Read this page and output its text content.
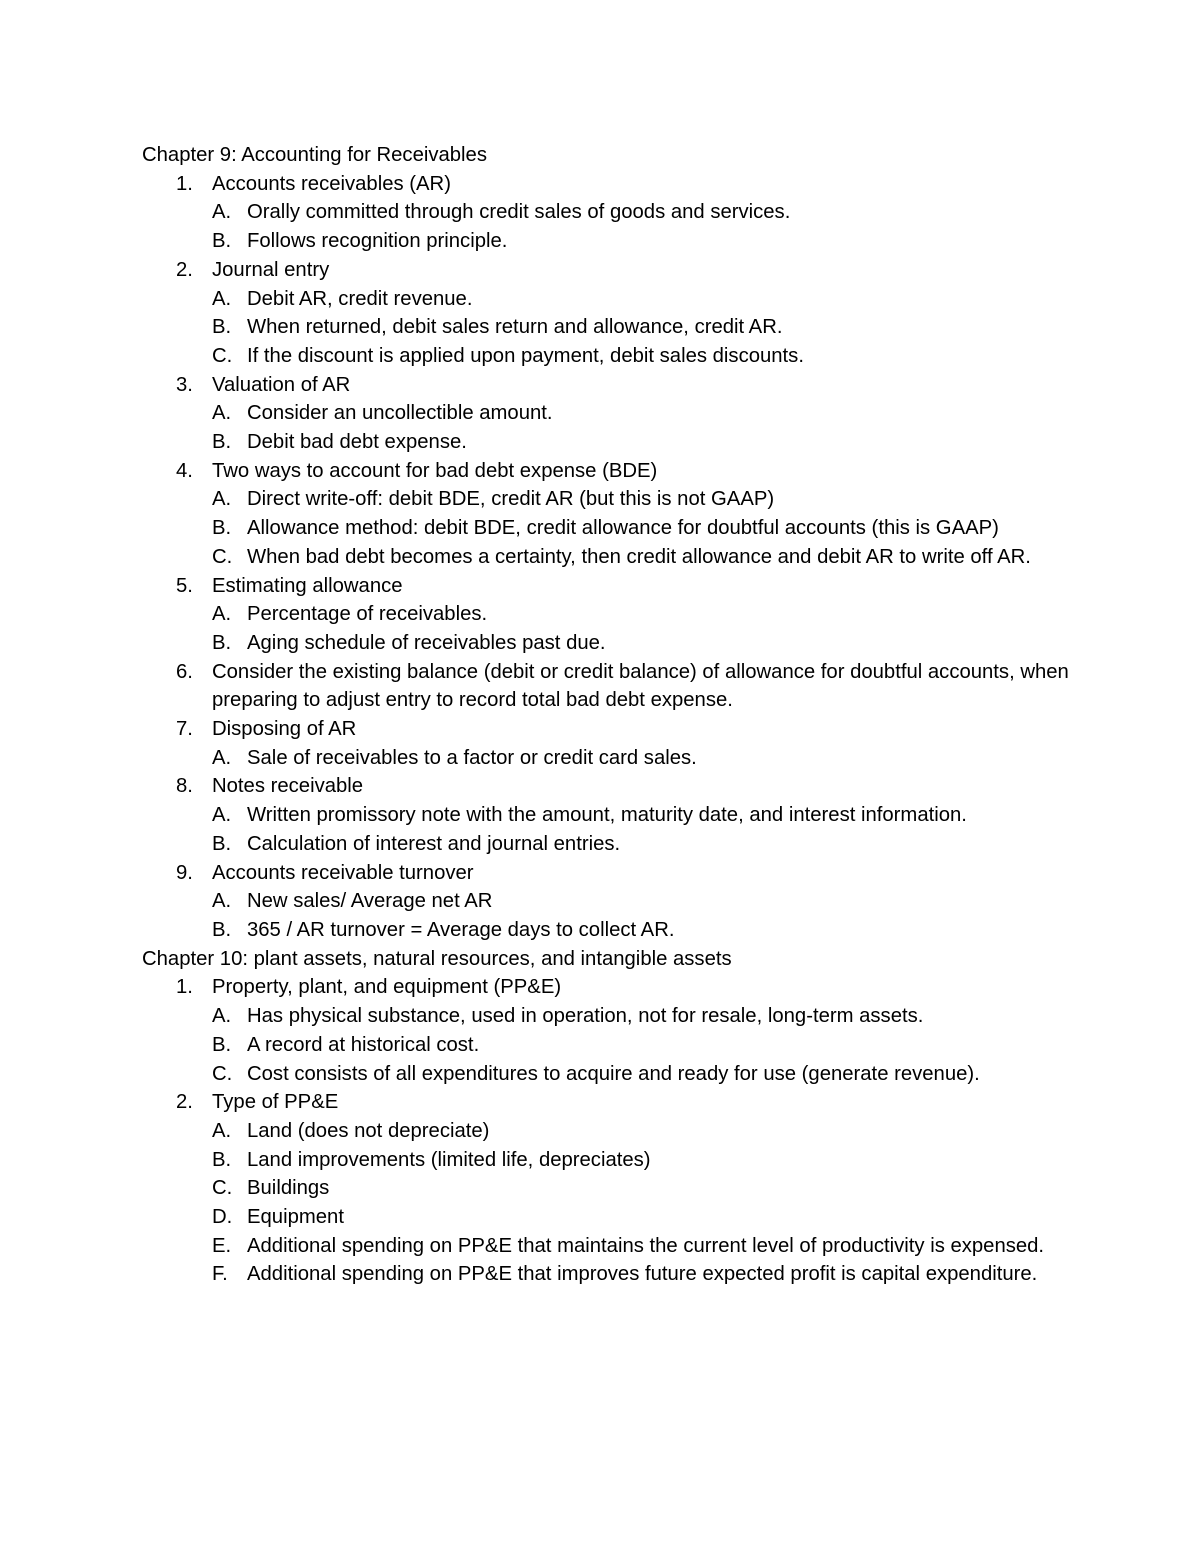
Chapter 9: Accounting for Receivables
1. Accounts receivables (AR)
A. Orally committed through credit sales of goods and services.
B. Follows recognition principle.
2. Journal entry
A. Debit AR, credit revenue.
B. When returned, debit sales return and allowance, credit AR.
C. If the discount is applied upon payment, debit sales discounts.
3. Valuation of AR
A. Consider an uncollectible amount.
B. Debit bad debt expense.
4. Two ways to account for bad debt expense (BDE)
A. Direct write-off: debit BDE, credit AR (but this is not GAAP)
B. Allowance method: debit BDE, credit allowance for doubtful accounts (this is GAAP)
C. When bad debt becomes a certainty, then credit allowance and debit AR to write off AR.
5. Estimating allowance
A. Percentage of receivables.
B. Aging schedule of receivables past due.
6. Consider the existing balance (debit or credit balance) of allowance for doubtful accounts, when preparing to adjust entry to record total bad debt expense.
7. Disposing of AR
A. Sale of receivables to a factor or credit card sales.
8. Notes receivable
A. Written promissory note with the amount, maturity date, and interest information.
B. Calculation of interest and journal entries.
9. Accounts receivable turnover
A. New sales/ Average net AR
B. 365 / AR turnover = Average days to collect AR.
Chapter 10: plant assets, natural resources, and intangible assets
1. Property, plant, and equipment (PP&E)
A. Has physical substance, used in operation, not for resale, long-term assets.
B. A record at historical cost.
C. Cost consists of all expenditures to acquire and ready for use (generate revenue).
2. Type of PP&E
A. Land (does not depreciate)
B. Land improvements (limited life, depreciates)
C. Buildings
D. Equipment
E. Additional spending on PP&E that maintains the current level of productivity is expensed.
F. Additional spending on PP&E that improves future expected profit is capital expenditure.
